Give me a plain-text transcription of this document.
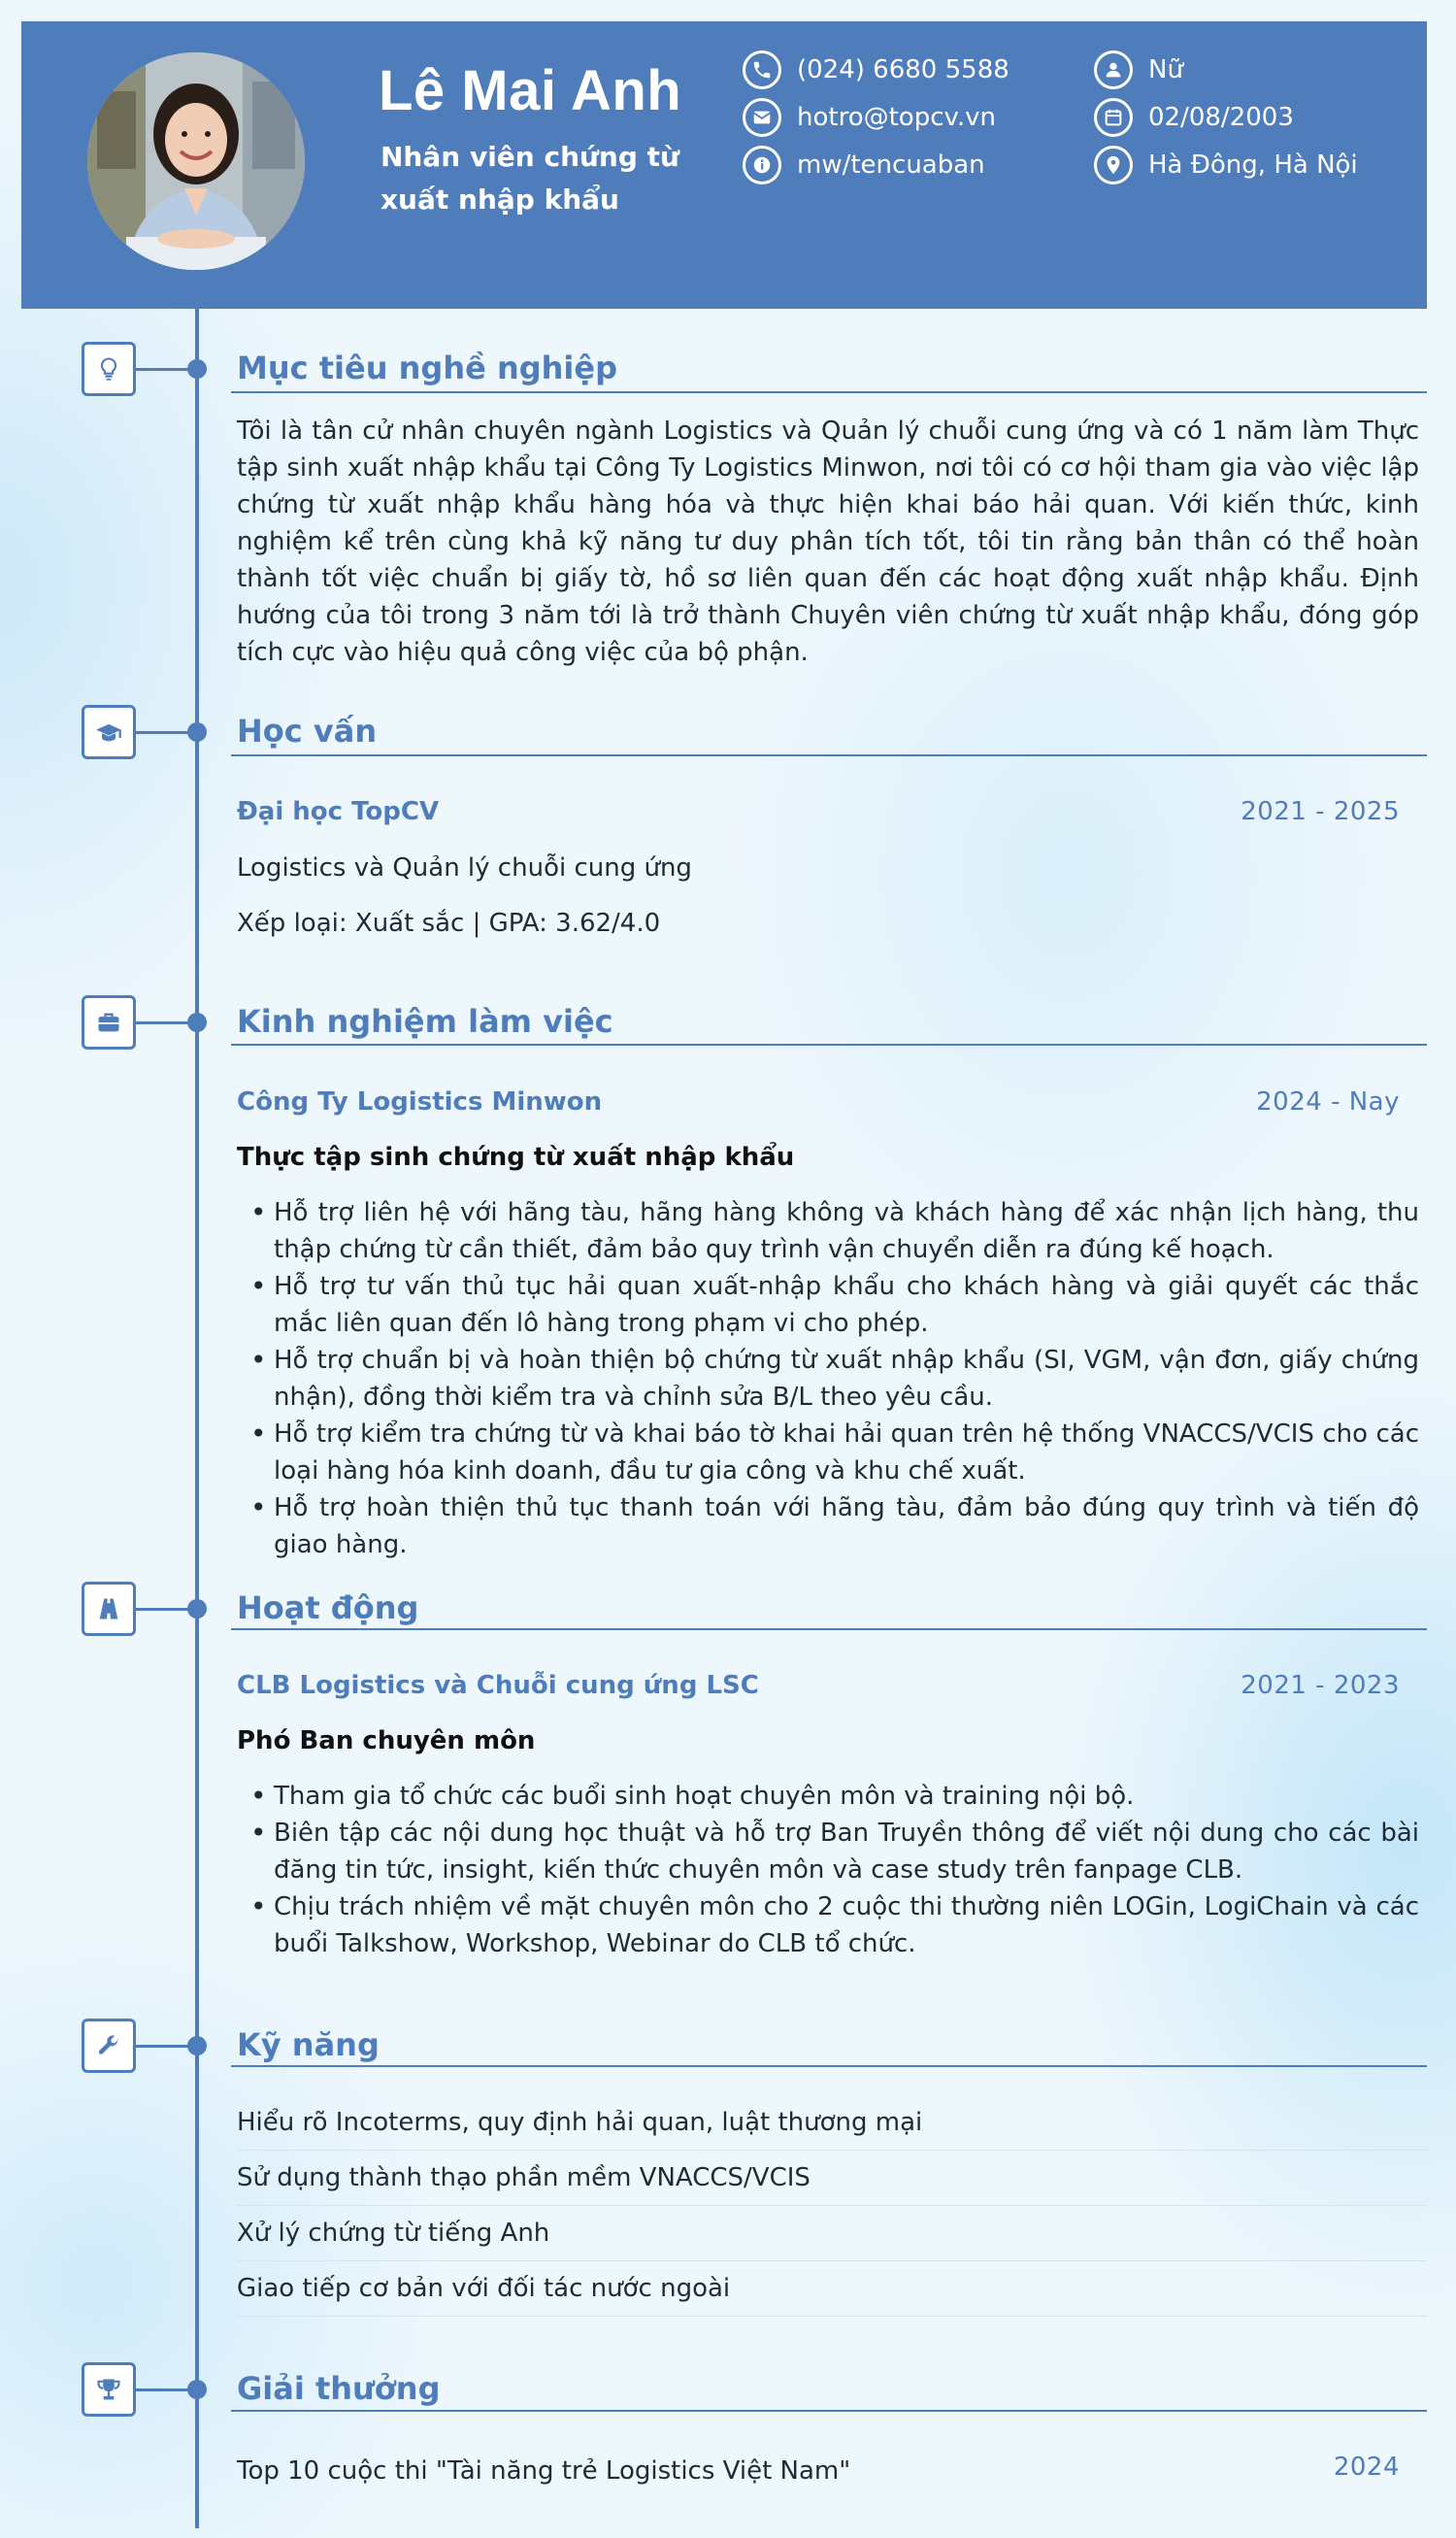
Lê Mai Anh
Nhân viên chứng từ xuất nhập khẩu
(024) 6680 5588
hotro@topcv.vn
mw/tencuaban
Nữ
02/08/2003
Hà Đông, Hà Nội
Mục tiêu nghề nghiệp
Tôi là tân cử nhân chuyên ngành Logistics và Quản lý chuỗi cung ứng và có 1 năm làm Thực tập sinh xuất nhập khẩu tại Công Ty Logistics Minwon, nơi tôi có cơ hội tham gia vào việc lập chứng từ xuất nhập khẩu hàng hóa và thực hiện khai báo hải quan. Với kiến thức, kinh nghiệm kể trên cùng khả kỹ năng tư duy phân tích tốt, tôi tin rằng bản thân có thể hoàn thành tốt việc chuẩn bị giấy tờ, hồ sơ liên quan đến các hoạt động xuất nhập khẩu. Định hướng của tôi trong 3 năm tới là trở thành Chuyên viên chứng từ xuất nhập khẩu, đóng góp tích cực vào hiệu quả công việc của bộ phận.
Học vấn
Đại học TopCV	2021 - 2025
Logistics và Quản lý chuỗi cung ứng
Xếp loại: Xuất sắc | GPA: 3.62/4.0
Kinh nghiệm làm việc
Công Ty Logistics Minwon	2024 - Nay
Thực tập sinh chứng từ xuất nhập khẩu
• Hỗ trợ liên hệ với hãng tàu, hãng hàng không và khách hàng để xác nhận lịch hàng, thu thập chứng từ cần thiết, đảm bảo quy trình vận chuyển diễn ra đúng kế hoạch.
• Hỗ trợ tư vấn thủ tục hải quan xuất-nhập khẩu cho khách hàng và giải quyết các thắc mắc liên quan đến lô hàng trong phạm vi cho phép.
• Hỗ trợ chuẩn bị và hoàn thiện bộ chứng từ xuất nhập khẩu (SI, VGM, vận đơn, giấy chứng nhận), đồng thời kiểm tra và chỉnh sửa B/L theo yêu cầu.
• Hỗ trợ kiểm tra chứng từ và khai báo tờ khai hải quan trên hệ thống VNACCS/VCIS cho các loại hàng hóa kinh doanh, đầu tư gia công và khu chế xuất.
• Hỗ trợ hoàn thiện thủ tục thanh toán với hãng tàu, đảm bảo đúng quy trình và tiến độ giao hàng.
Hoạt động
CLB Logistics và Chuỗi cung ứng LSC	2021 - 2023
Phó Ban chuyên môn
• Tham gia tổ chức các buổi sinh hoạt chuyên môn và training nội bộ.
• Biên tập các nội dung học thuật và hỗ trợ Ban Truyền thông để viết nội dung cho các bài đăng tin tức, insight, kiến thức chuyên môn và case study trên fanpage CLB.
• Chịu trách nhiệm về mặt chuyên môn cho 2 cuộc thi thường niên LOGin, LogiChain và các buổi Talkshow, Workshop, Webinar do CLB tổ chức.
Kỹ năng
Hiểu rõ Incoterms, quy định hải quan, luật thương mại
Sử dụng thành thạo phần mềm VNACCS/VCIS
Xử lý chứng từ tiếng Anh
Giao tiếp cơ bản với đối tác nước ngoài
Giải thưởng
Top 10 cuộc thi "Tài năng trẻ Logistics Việt Nam"	2024
